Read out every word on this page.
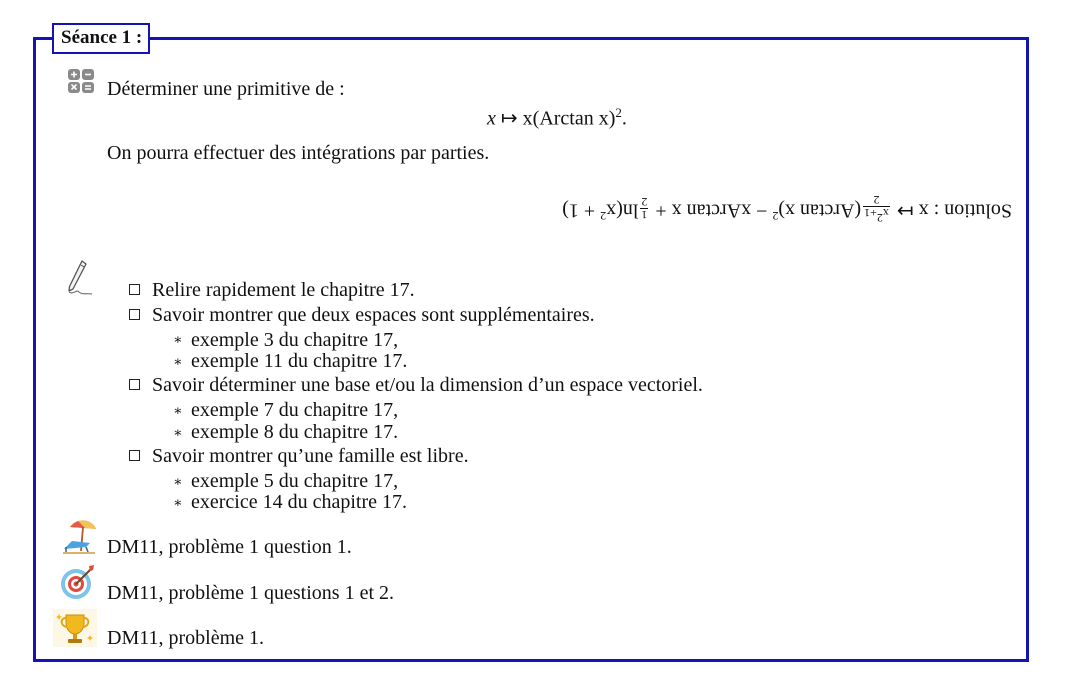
Séance 1 :
Déterminer une primitive de :
x ↦ x(Arctan x)$^2$.
On pourra effectuer des intégrations par parties.
Solution : x ↦
$x^2+1$
2
(Arctan x)$^2$ − xArctan x +
1
2
$\ln(x^2 + 1)$
Relire rapidement le chapitre 17.
Savoir montrer que deux espaces sont supplémentaires.
∗ exemple 3 du chapitre 17,
∗ exemple 11 du chapitre 17.
Savoir déterminer une base et/ou la dimension d’un espace vectoriel.
∗ exemple 7 du chapitre 17,
∗ exemple 8 du chapitre 17.
Savoir montrer qu’une famille est libre.
∗ exemple 5 du chapitre 17,
∗ exercice 14 du chapitre 17.
DM11, problème 1 question 1.
DM11, problème 1 questions 1 et 2.
DM11, problème 1.
